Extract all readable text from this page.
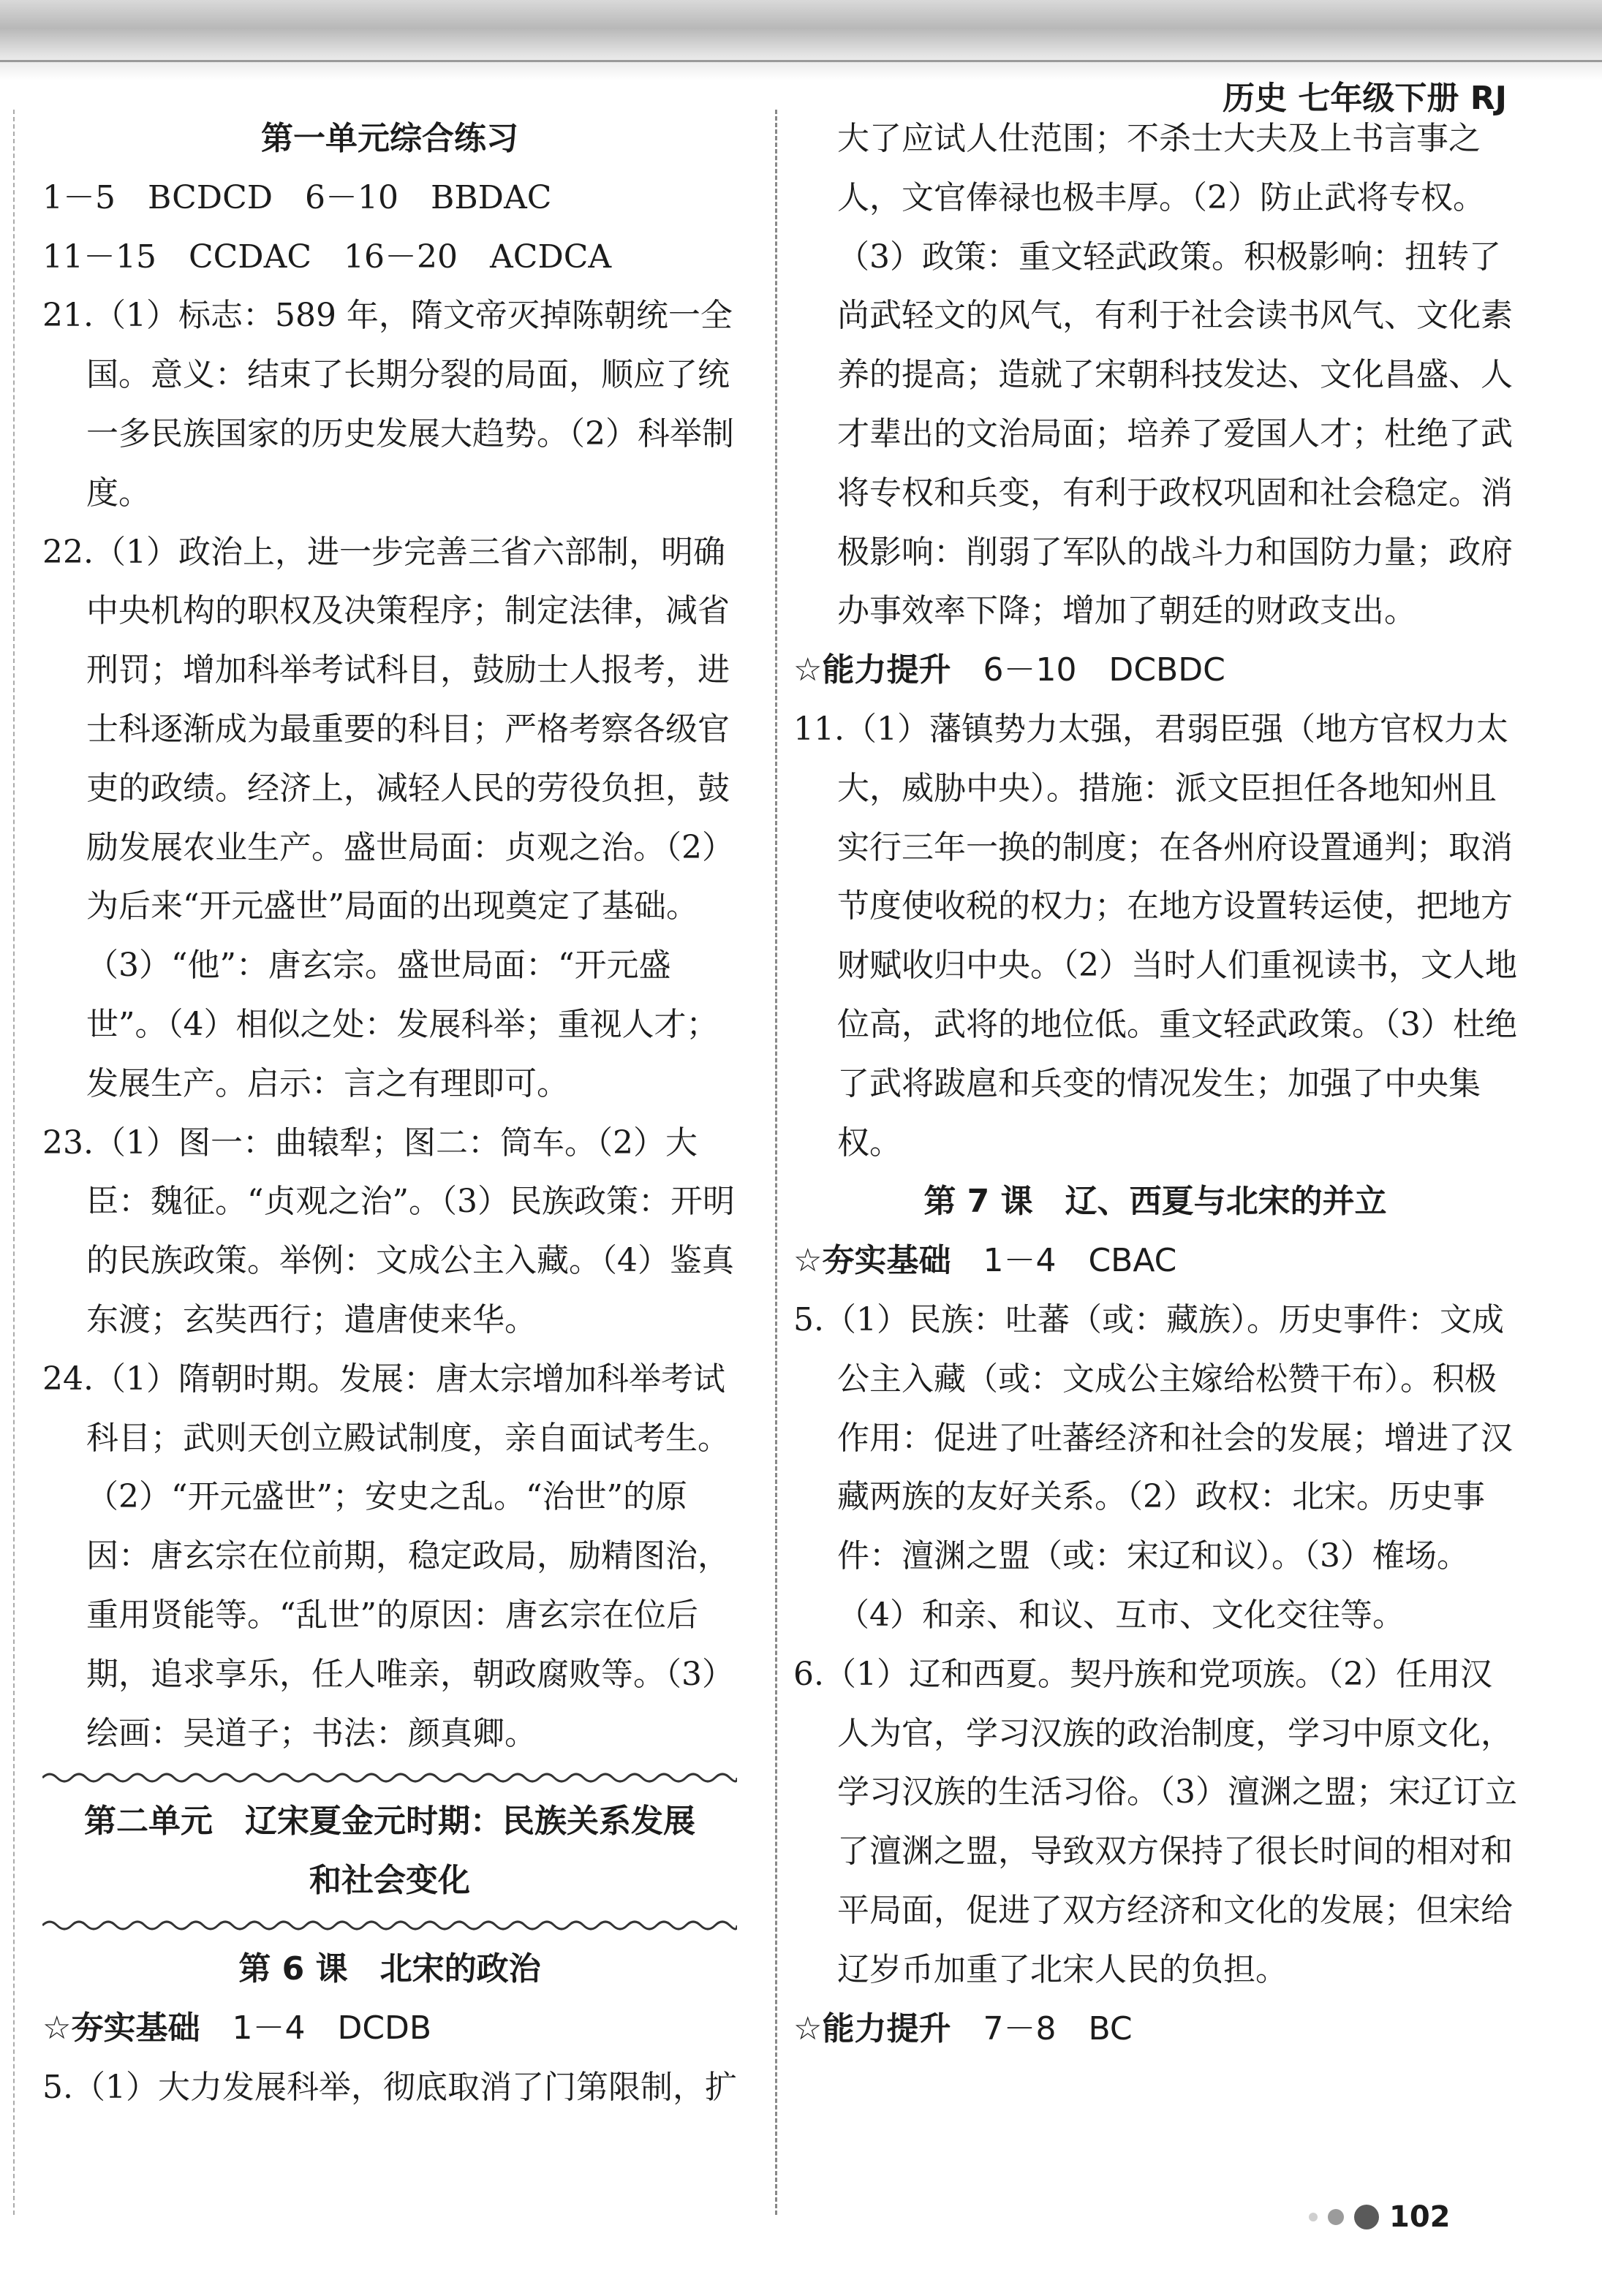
历史 七年级下册 RJ

第一单元综合练习

1－5　BCDCD　6－10　BBDAC

11－15　CCDAC　16－20　ACDCA

21.（1）标志：589 年，隋文帝灭掉陈朝统一全国。意义：结束了长期分裂的局面，顺应了统一多民族国家的历史发展大趋势。（2）科举制度。

22.（1）政治上，进一步完善三省六部制，明确中央机构的职权及决策程序；制定法律，减省刑罚；增加科举考试科目，鼓励士人报考，进士科逐渐成为最重要的科目；严格考察各级官吏的政绩。经济上，减轻人民的劳役负担，鼓励发展农业生产。盛世局面：贞观之治。（2）为后来“开元盛世”局面的出现奠定了基础。（3）“他”：唐玄宗。盛世局面：“开元盛世”。（4）相似之处：发展科举；重视人才；发展生产。启示：言之有理即可。

23.（1）图一：曲辕犁；图二：筒车。（2）大臣：魏征。“贞观之治”。（3）民族政策：开明的民族政策。举例：文成公主入藏。（4）鉴真东渡；玄奘西行；遣唐使来华。

24.（1）隋朝时期。发展：唐太宗增加科举考试科目；武则天创立殿试制度，亲自面试考生。（2）“开元盛世”；安史之乱。“治世”的原因：唐玄宗在位前期，稳定政局，励精图治，重用贤能等。“乱世”的原因：唐玄宗在位后期，追求享乐，任人唯亲，朝政腐败等。（3）绘画：吴道子；书法：颜真卿。

第二单元　辽宋夏金元时期：民族关系发展

和社会变化

第 6 课　北宋的政治

☆夯实基础　 1－4　DCDB

5.（1）大力发展科举，彻底取消了门第限制，扩

大了应试人仕范围；不杀士大夫及上书言事之人，文官俸禄也极丰厚。（2）防止武将专权。（3）政策：重文轻武政策。积极影响：扭转了尚武轻文的风气，有利于社会读书风气、文化素养的提高；造就了宋朝科技发达、文化昌盛、人才辈出的文治局面；培养了爱国人才；杜绝了武将专权和兵变，有利于政权巩固和社会稳定。消极影响：削弱了军队的战斗力和国防力量；政府办事效率下降；增加了朝廷的财政支出。

☆能力提升　 6－10　DCBDC

11.（1）藩镇势力太强，君弱臣强（地方官权力太大，威胁中央）。措施：派文臣担任各地知州且实行三年一换的制度；在各州府设置通判；取消节度使收税的权力；在地方设置转运使，把地方财赋收归中央。（2）当时人们重视读书，文人地位高，武将的地位低。重文轻武政策。（3）杜绝了武将跋扈和兵变的情况发生；加强了中央集权。

第 7 课　辽、西夏与北宋的并立

☆夯实基础　 1－4　CBAC

5.（1）民族：吐蕃（或：藏族）。历史事件：文成公主入藏（或：文成公主嫁给松赞干布）。积极作用：促进了吐蕃经济和社会的发展；增进了汉藏两族的友好关系。（2）政权：北宋。历史事件：澶渊之盟（或：宋辽和议）。（3）榷场。（4）和亲、和议、互市、文化交往等。

6.（1）辽和西夏。契丹族和党项族。（2）任用汉人为官，学习汉族的政治制度，学习中原文化，学习汉族的生活习俗。（3）澶渊之盟；宋辽订立了澶渊之盟，导致双方保持了很长时间的相对和平局面，促进了双方经济和文化的发展；但宋给辽岁币加重了北宋人民的负担。

☆能力提升　 7－8　BC

102
